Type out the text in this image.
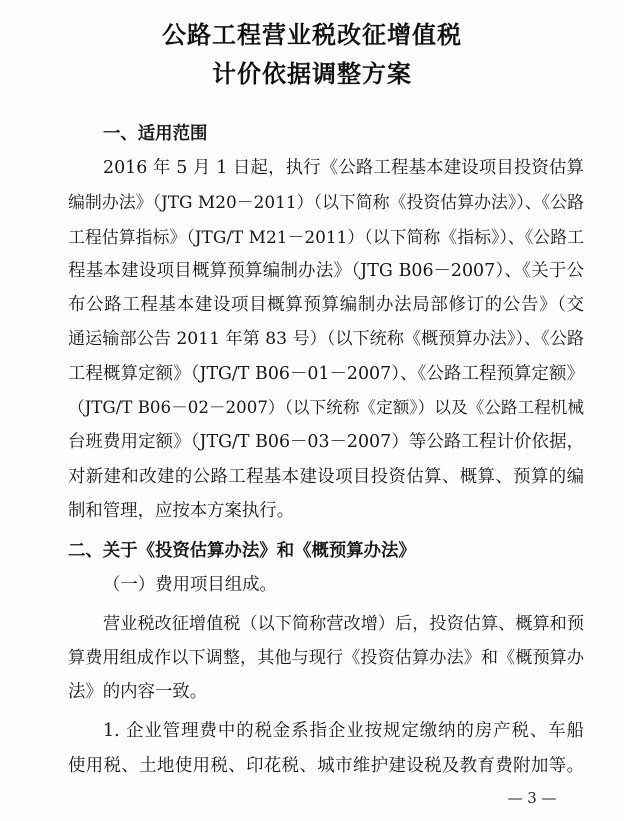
公路工程营业税改征增值税
计价依据调整方案
一、适用范围
2016 年 5 月 1 日起，执行《公路工程基本建设项目投资估算
编制办法》（JTG M20－2011）（以下简称《投资估算办法》）、《公路
工程估算指标》（JTG/T M21－2011）（以下简称《指标》）、《公路工
程基本建设项目概算预算编制办法》（JTG B06－2007）、《关于公
布公路工程基本建设项目概算预算编制办法局部修订的公告》（交
通运输部公告 2011 年第 83 号）（以下统称《概预算办法》）、《公路
工程概算定额》（JTG/T B06－01－2007）、《公路工程预算定额》
（JTG/T B06－02－2007）（以下统称《定额》）以及《公路工程机械
台班费用定额》（JTG/T B06－03－2007）等公路工程计价依据，
对新建和改建的公路工程基本建设项目投资估算、概算、预算的编
制和管理，应按本方案执行。
二、关于《投资估算办法》和《概预算办法》
（一）费用项目组成。
营业税改征增值税（以下简称营改增）后，投资估算、概算和预
算费用组成作以下调整，其他与现行《投资估算办法》和《概预算办
法》的内容一致。
1. 企业管理费中的税金系指企业按规定缴纳的房产税、车船
使用税、土地使用税、印花税、城市维护建设税及教育费附加等。
— 3 —
